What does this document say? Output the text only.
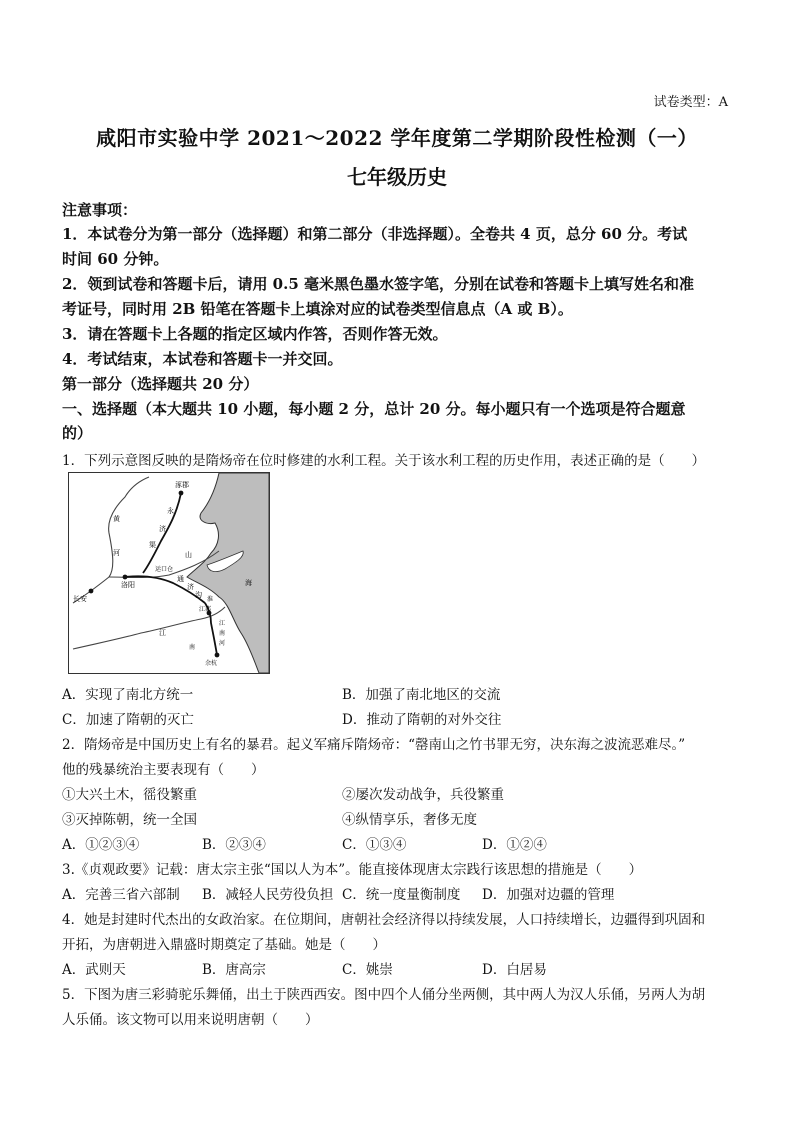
试卷类型：A
咸阳市实验中学 2021～2022 学年度第二学期阶段性检测（一）
七年级历史
注意事项：
1．本试卷分为第一部分（选择题）和第二部分（非选择题）。全卷共 4 页，总分 60 分。考试
时间 60 分钟。
2．领到试卷和答题卡后，请用 0.5 毫米黑色墨水签字笔，分别在试卷和答题卡上填写姓名和准
考证号，同时用 2B 铅笔在答题卡上填涂对应的试卷类型信息点（A 或 B）。
3．请在答题卡上各题的指定区域内作答，否则作答无效。
4．考试结束，本试卷和答题卡一并交回。
第一部分（选择题共 20 分）
一、选择题（本大题共 10 小题，每小题 2 分，总计 20 分。每小题只有一个选项是符合题意
的）
1．下列示意图反映的是隋炀帝在位时修建的水利工程。关于该水利工程的历史作用，表述正确的是（　　）
涿郡
长安
洛阳
江都
余杭
黄
河
永
济
渠
运口仓
通
济
沟
江
南
河
海
山
江
淮
南
A．实现了南北方统一	B．加强了南北地区的交流
C．加速了隋朝的灭亡	D．推动了隋朝的对外交往
2．隋炀帝是中国历史上有名的暴君。起义军痛斥隋炀帝：“罄南山之竹书罪无穷，决东海之波流恶难尽。”
他的残暴统治主要表现有（　　）
①大兴土木，徭役繁重	②屡次发动战争，兵役繁重
③灭掉陈朝，统一全国	④纵情享乐，奢侈无度
A．①②③④	B．②③④	C．①③④	D．①②④
3.《贞观政要》记载：唐太宗主张“国以人为本”。能直接体现唐太宗践行该思想的措施是（　　）
A．完善三省六部制 B．减轻人民劳役负担 C．统一度量衡制度 D．加强对边疆的管理
4．她是封建时代杰出的女政治家。在位期间，唐朝社会经济得以持续发展，人口持续增长，边疆得到巩固和
开拓，为唐朝进入鼎盛时期奠定了基础。她是（　　）
A．武则天	B．唐高宗	C．姚崇	D．白居易
5．下图为唐三彩骑驼乐舞俑，出土于陕西西安。图中四个人俑分坐两侧，其中两人为汉人乐俑，另两人为胡
人乐俑。该文物可以用来说明唐朝（　　）
